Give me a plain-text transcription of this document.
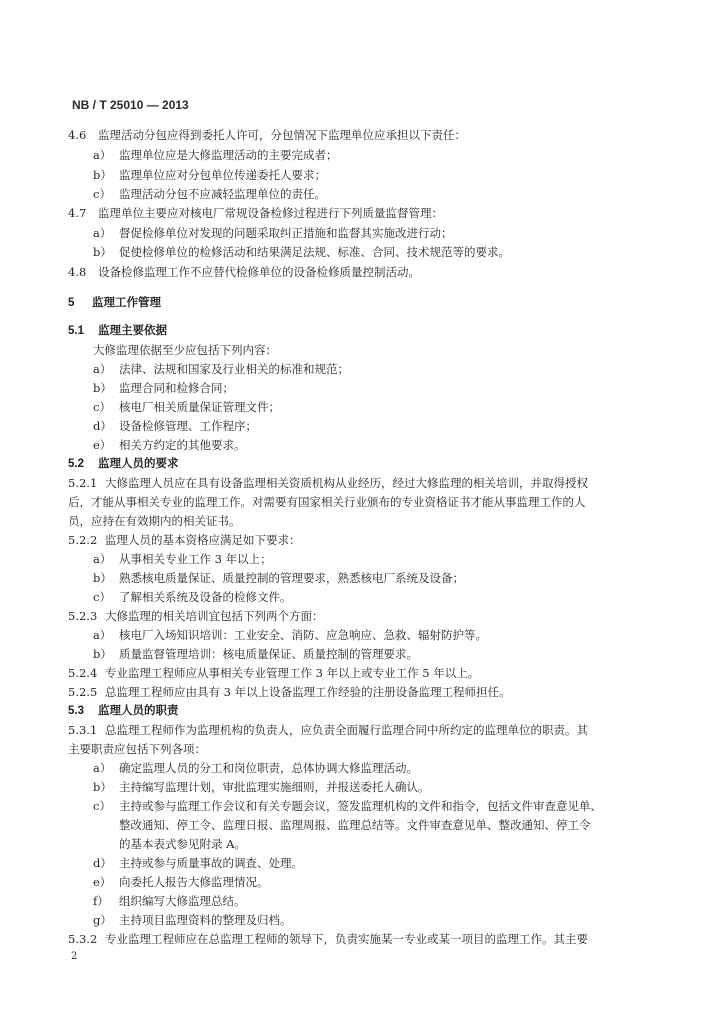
NB / T 25010 — 2013
4.6 监理活动分包应得到委托人许可，分包情况下监理单位应承担以下责任：
a） 监理单位应是大修监理活动的主要完成者；
b） 监理单位应对分包单位传递委托人要求；
c） 监理活动分包不应减轻监理单位的责任。
4.7 监理单位主要应对核电厂常规设备检修过程进行下列质量监督管理：
a） 督促检修单位对发现的问题采取纠正措施和监督其实施改进行动；
b） 促使检修单位的检修活动和结果满足法规、标准、合同、技术规范等的要求。
4.8 设备检修监理工作不应替代检修单位的设备检修质量控制活动。
5 监理工作管理
5.1 监理主要依据
大修监理依据至少应包括下列内容：
a） 法律、法规和国家及行业相关的标准和规范；
b） 监理合同和检修合同；
c） 核电厂相关质量保证管理文件；
d） 设备检修管理、工作程序；
e） 相关方约定的其他要求。
5.2 监理人员的要求
5.2.1 大修监理人员应在具有设备监理相关资质机构从业经历，经过大修监理的相关培训，并取得授权
后，才能从事相关专业的监理工作。对需要有国家相关行业颁布的专业资格证书才能从事监理工作的人
员，应持在有效期内的相关证书。
5.2.2 监理人员的基本资格应满足如下要求：
a） 从事相关专业工作 3 年以上；
b） 熟悉核电质量保证、质量控制的管理要求，熟悉核电厂系统及设备；
c） 了解相关系统及设备的检修文件。
5.2.3 大修监理的相关培训宜包括下列两个方面：
a） 核电厂入场知识培训：工业安全、消防、应急响应、急救、辐射防护等。
b） 质量监督管理培训：核电质量保证、质量控制的管理要求。
5.2.4 专业监理工程师应从事相关专业管理工作 3 年以上或专业工作 5 年以上。
5.2.5 总监理工程师应由具有 3 年以上设备监理工作经验的注册设备监理工程师担任。
5.3 监理人员的职责
5.3.1 总监理工程师作为监理机构的负责人，应负责全面履行监理合同中所约定的监理单位的职责。其
主要职责应包括下列各项：
a） 确定监理人员的分工和岗位职责，总体协调大修监理活动。
b） 主持编写监理计划，审批监理实施细则，并报送委托人确认。
c） 主持或参与监理工作会议和有关专题会议，签发监理机构的文件和指令，包括文件审查意见单、
整改通知、停工令、监理日报、监理周报、监理总结等。文件审查意见单、整改通知、停工令
的基本表式参见附录 A。
d） 主持或参与质量事故的调查、处理。
e） 向委托人报告大修监理情况。
f） 组织编写大修监理总结。
g） 主持项目监理资料的整理及归档。
5.3.2 专业监理工程师应在总监理工程师的领导下，负责实施某一专业或某一项目的监理工作。其主要
2
